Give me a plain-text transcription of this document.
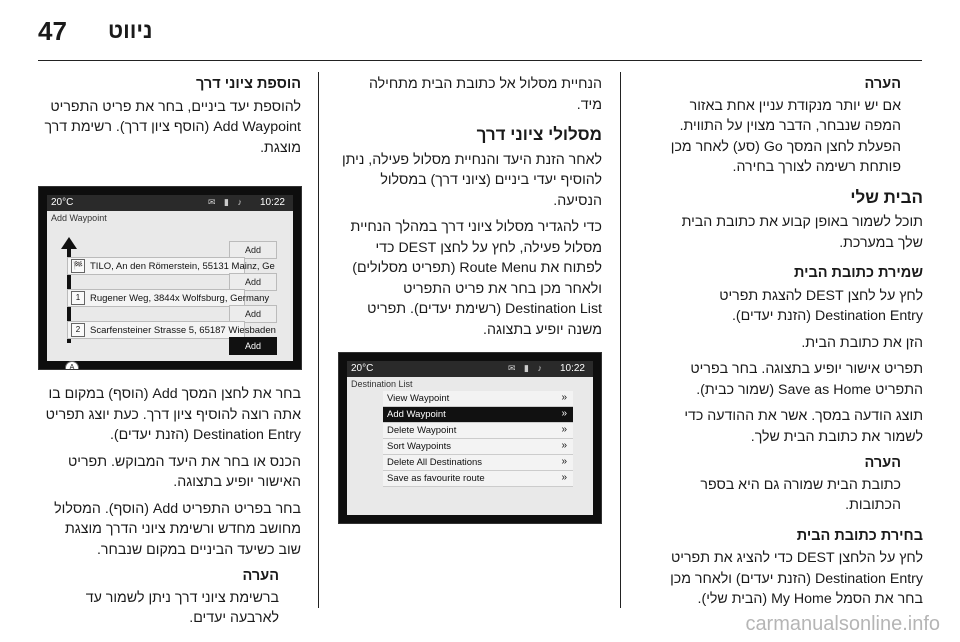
47 ניווט
הערה
אם יש יותר מנקודת עניין אחת באזור המפה שנבחר, הדבר מצוין על התווית. הפעלת לחצן המסך Go (סע) לאחר מכן פותחת רשימה לצורך בחירה.
הבית שלי
תוכל לשמור באופן קבוע את כתובת הבית שלך במערכת.
שמירת כתובת הבית
לחץ על לחצן DEST להצגת תפריט Destination Entry (הזנת יעדים).
הזן את כתובת הבית.
תפריט אישור יופיע בתצוגה. בחר בפריט התפריט Save as Home (שמור כבית).
תוצג הודעה במסך. אשר את ההודעה כדי לשמור את כתובת הבית שלך.
הערה
כתובת הבית שמורה גם היא בספר הכתובות.
בחירת כתובת הבית
לחץ על הלחצן DEST כדי להציג את תפריט Destination Entry (הזנת יעדים) ולאחר מכן בחר את הסמל My Home (הבית שלי).
הנחיית מסלול אל כתובת הבית מתחילה מיד.
מסלולי ציוני דרך
לאחר הזנת היעד והנחיית מסלול פעילה, ניתן להוסיף יעדי ביניים (ציוני דרך) במסלול הנסיעה.
כדי להגדיר מסלול ציוני דרך במהלך הנחיית מסלול פעילה, לחץ על לחצן DEST כדי לפתוח את Route Menu (תפריט מסלולים) ולאחר מכן בחר את פריט התפריט Destination List (רשימת יעדים). תפריט משנה יופיע בתצוגה.
20°C	✉ ▮ ♪ 10:22
Destination List
View Waypoint	»
Add Waypoint	»
Delete Waypoint	»
Sort Waypoints	»
Delete All Destinations	»
Save as favourite route	»
הוספת ציוני דרך
להוספת יעד ביניים, בחר את פריט התפריט Add Waypoint (הוסף ציון דרך). רשימת דרך מוצגת.
20°C	✉ ▮ ♪ 10:22
Add Waypoint
Add
🏁 TILO, An den Römerstein, 55131 Mainz, Ge
Add
1	Rugener Weg, 3844x Wolfsburg, Germany
Add
2	Scarfensteiner Strasse 5, 65187 Wiesbaden
Add
A
בחר את לחצן המסך Add (הוסף) במקום בו אתה רוצה להוסיף ציון דרך. כעת יוצג תפריט Destination Entry (הזנת יעדים).
הכנס או בחר את היעד המבוקש. תפריט האישור יופיע בתצוגה.
בחר בפריט התפריט Add (הוסף). המסלול מחושב מחדש ורשימת ציוני הדרך מוצגת שוב כשיעד הביניים במקום שנבחר.
הערה
ברשימת ציוני דרך ניתן לשמור עד לארבעה יעדים.	carmanualsonline.info
